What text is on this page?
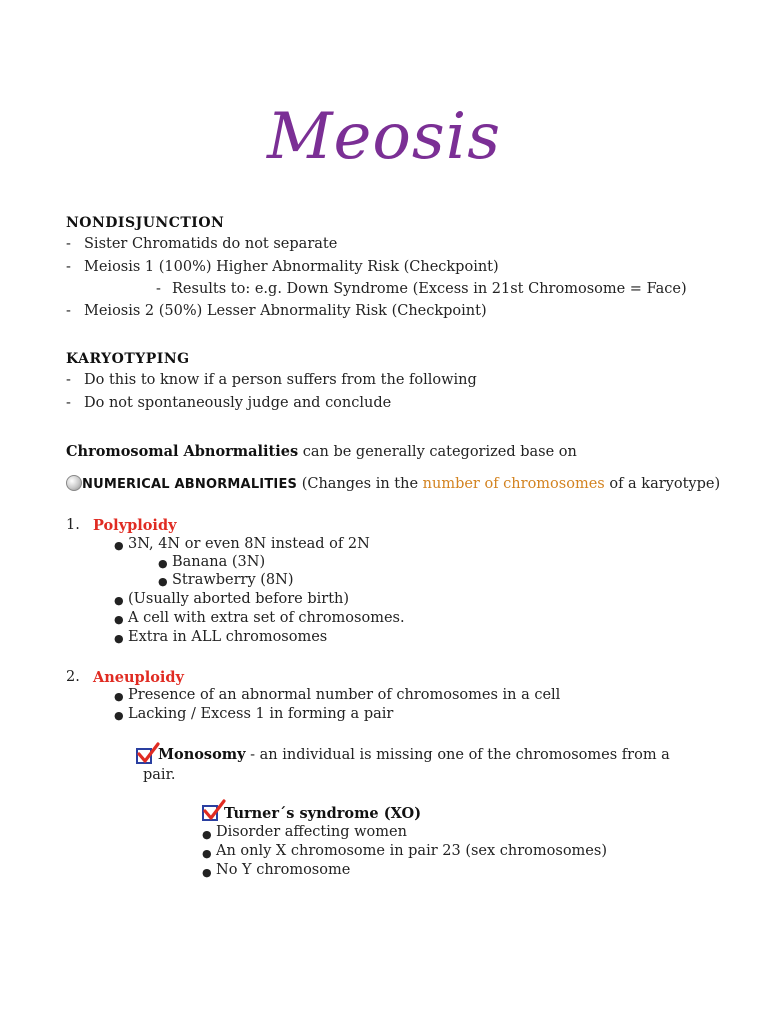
Meosis
NONDISJUNCTION
- Sister Chromatids do not separate
- Meiosis 1 (100%) Higher Abnormality Risk (Checkpoint)
- Results to: e.g. Down Syndrome (Excess in 21st Chromosome = Face)
- Meiosis 2 (50%) Lesser Abnormality Risk (Checkpoint)
KARYOTYPING
- Do this to know if a person suffers from the following
- Do not spontaneously judge and conclude
Chromosomal Abnormalities can be generally categorized base on
NUMERICAL ABNORMALITIES (Changes in the number of chromosomes of a karyotype)
1. Polyploidy
● 3N, 4N or even 8N instead of 2N
● Banana (3N)
● Strawberry (8N)
● (Usually aborted before birth)
● A cell with extra set of chromosomes.
● Extra in ALL chromosomes
2. Aneuploidy
● Presence of an abnormal number of chromosomes in a cell
● Lacking / Excess 1 in forming a pair
Monosomy - an individual is missing one of the chromosomes from a
pair.
Turner´s syndrome (XO)
● Disorder affecting women
● An only X chromosome in pair 23 (sex chromosomes)
● No Y chromosome
